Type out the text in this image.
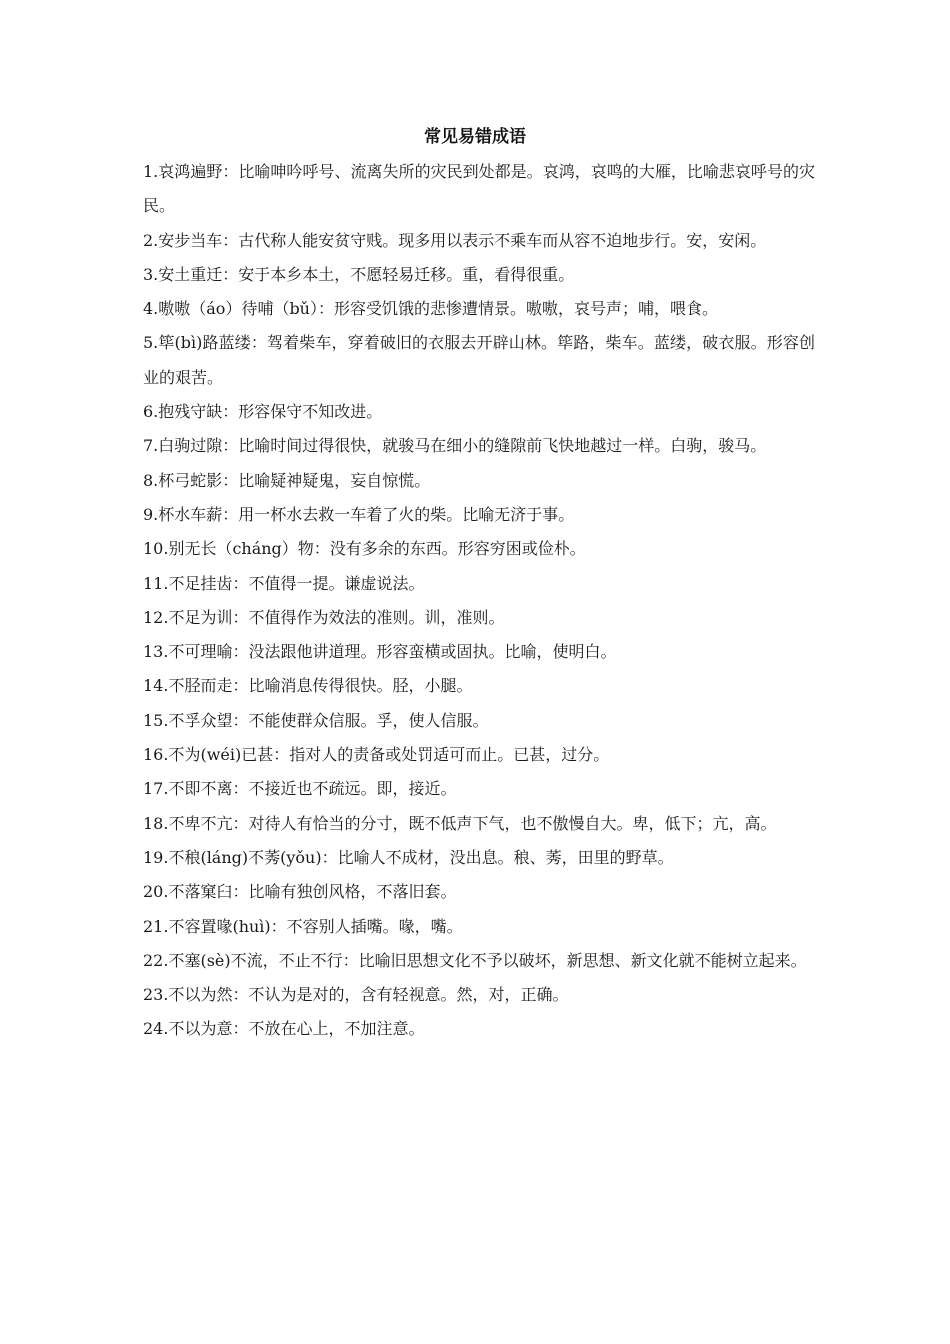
常见易错成语

1.哀鸿遍野：比喻呻吟呼号、流离失所的灾民到处都是。哀鸿，哀鸣的大雁，比喻悲哀呼号的灾民。

2.安步当车：古代称人能安贫守贱。现多用以表示不乘车而从容不迫地步行。安，安闲。

3.安土重迁：安于本乡本土，不愿轻易迁移。重，看得很重。

4.嗷嗷（áo）待哺（bǔ）：形容受饥饿的悲惨遭情景。嗷嗷，哀号声；哺，喂食。

5.筚(bì)路蓝缕：驾着柴车，穿着破旧的衣服去开辟山林。筚路，柴车。蓝缕，破衣服。形容创业的艰苦。

6.抱残守缺：形容保守不知改进。

7.白驹过隙：比喻时间过得很快，就骏马在细小的缝隙前飞快地越过一样。白驹，骏马。

8.杯弓蛇影：比喻疑神疑鬼，妄自惊慌。

9.杯水车薪：用一杯水去救一车着了火的柴。比喻无济于事。

10.别无长（cháng）物：没有多余的东西。形容穷困或俭朴。

11.不足挂齿：不值得一提。谦虚说法。

12.不足为训：不值得作为效法的准则。训，准则。

13.不可理喻：没法跟他讲道理。形容蛮横或固执。比喻，使明白。

14.不胫而走：比喻消息传得很快。胫，小腿。

15.不孚众望：不能使群众信服。孚，使人信服。

16.不为(wéi)已甚：指对人的责备或处罚适可而止。已甚，过分。

17.不即不离：不接近也不疏远。即，接近。

18.不卑不亢：对待人有恰当的分寸，既不低声下气，也不傲慢自大。卑，低下；亢，高。

19.不稂(láng)不莠(yǒu)：比喻人不成材，没出息。稂、莠，田里的野草。

20.不落窠臼：比喻有独创风格，不落旧套。

21.不容置喙(huì)：不容别人插嘴。喙，嘴。

22.不塞(sè)不流，不止不行：比喻旧思想文化不予以破坏，新思想、新文化就不能树立起来。

23.不以为然：不认为是对的，含有轻视意。然，对，正确。

24.不以为意：不放在心上，不加注意。
